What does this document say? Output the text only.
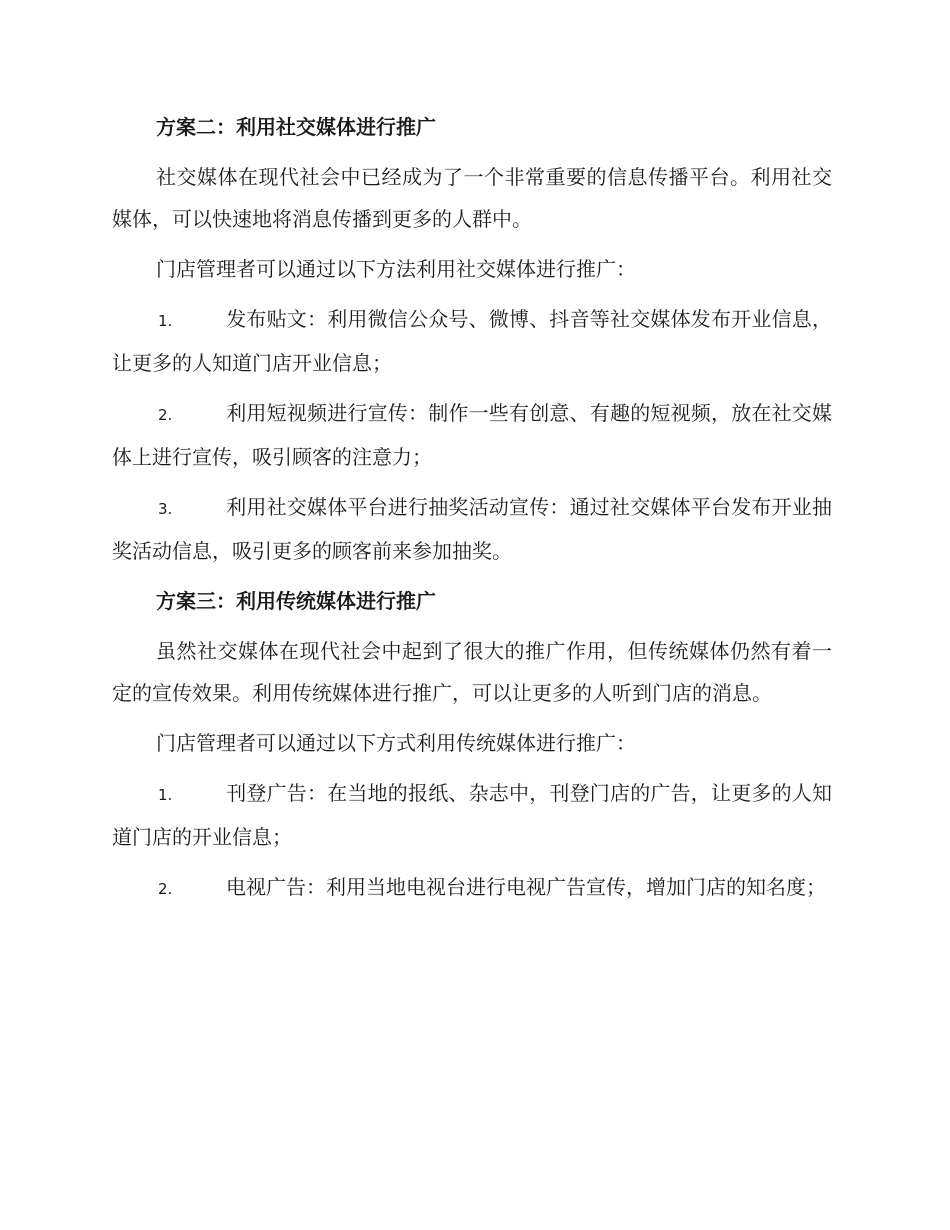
方案二：利用社交媒体进行推广
社交媒体在现代社会中已经成为了一个非常重要的信息传播平台。利用社交媒体，可以快速地将消息传播到更多的人群中。
门店管理者可以通过以下方法利用社交媒体进行推广：
1.	发布贴文：利用微信公众号、微博、抖音等社交媒体发布开业信息，让更多的人知道门店开业信息；
2.	利用短视频进行宣传：制作一些有创意、有趣的短视频，放在社交媒体上进行宣传，吸引顾客的注意力；
3.	利用社交媒体平台进行抽奖活动宣传：通过社交媒体平台发布开业抽奖活动信息，吸引更多的顾客前来参加抽奖。
方案三：利用传统媒体进行推广
虽然社交媒体在现代社会中起到了很大的推广作用，但传统媒体仍然有着一定的宣传效果。利用传统媒体进行推广，可以让更多的人听到门店的消息。
门店管理者可以通过以下方式利用传统媒体进行推广：
1.	刊登广告：在当地的报纸、杂志中，刊登门店的广告，让更多的人知道门店的开业信息；
2.	电视广告：利用当地电视台进行电视广告宣传，增加门店的知名度；
